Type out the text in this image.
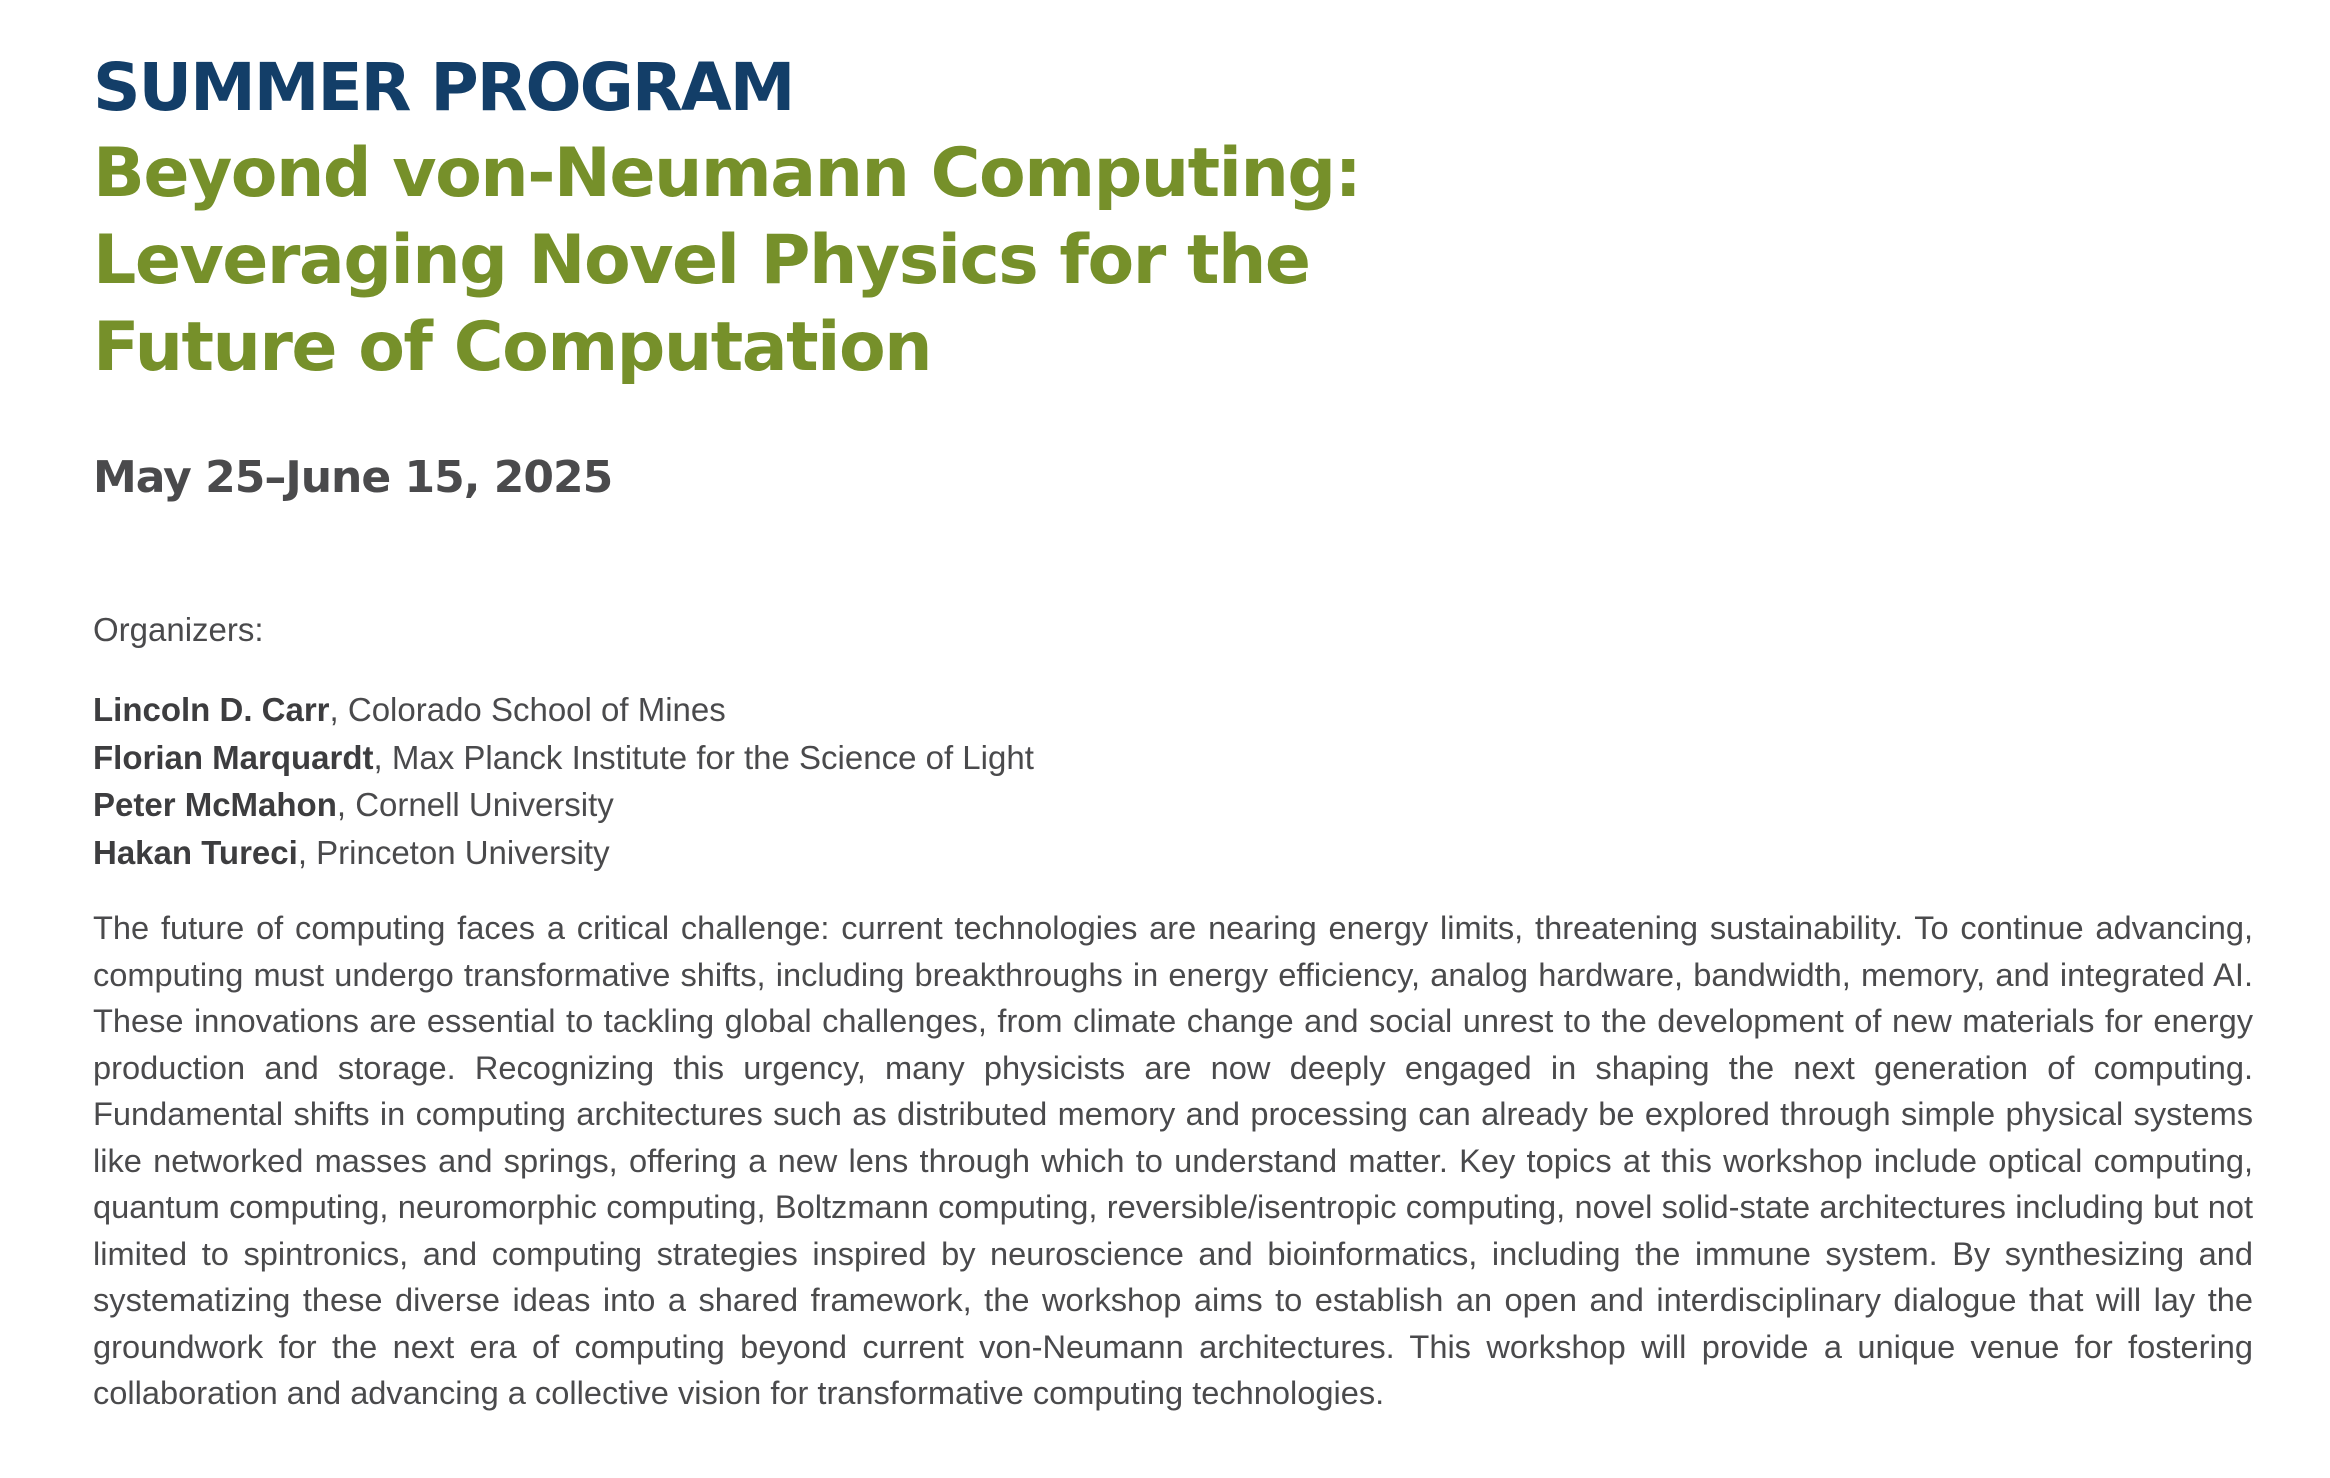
SUMMER PROGRAM
Beyond von-Neumann Computing:
Leveraging Novel Physics for the
Future of Computation

May 25–June 15, 2025

Organizers:

Lincoln D. Carr, Colorado School of Mines
Florian Marquardt, Max Planck Institute for the Science of Light
Peter McMahon, Cornell University
Hakan Tureci, Princeton University

The future of computing faces a critical challenge: current technologies are nearing energy limits, threatening sustainability. To continue advancing, computing must undergo transformative shifts, including breakthroughs in energy efficiency, analog hardware, bandwidth, memory, and integrated AI. These innovations are essential to tackling global challenges, from climate change and social unrest to the development of new materials for energy production and storage. Recognizing this urgency, many physicists are now deeply engaged in shaping the next generation of computing. Fundamental shifts in computing architectures such as distributed memory and processing can already be explored through simple physical systems like networked masses and springs, offering a new lens through which to understand matter. Key topics at this workshop include optical computing, quantum computing, neuromorphic computing, Boltzmann computing, reversible/isentropic computing, novel solid-state architectures including but not limited to spintronics, and computing strategies inspired by neuroscience and bioinformatics, including the immune system. By synthesizing and systematizing these diverse ideas into a shared framework, the workshop aims to establish an open and interdisciplinary dialogue that will lay the groundwork for the next era of computing beyond current von-Neumann architectures. This workshop will provide a unique venue for fostering collaboration and advancing a collective vision for transformative computing technologies.
